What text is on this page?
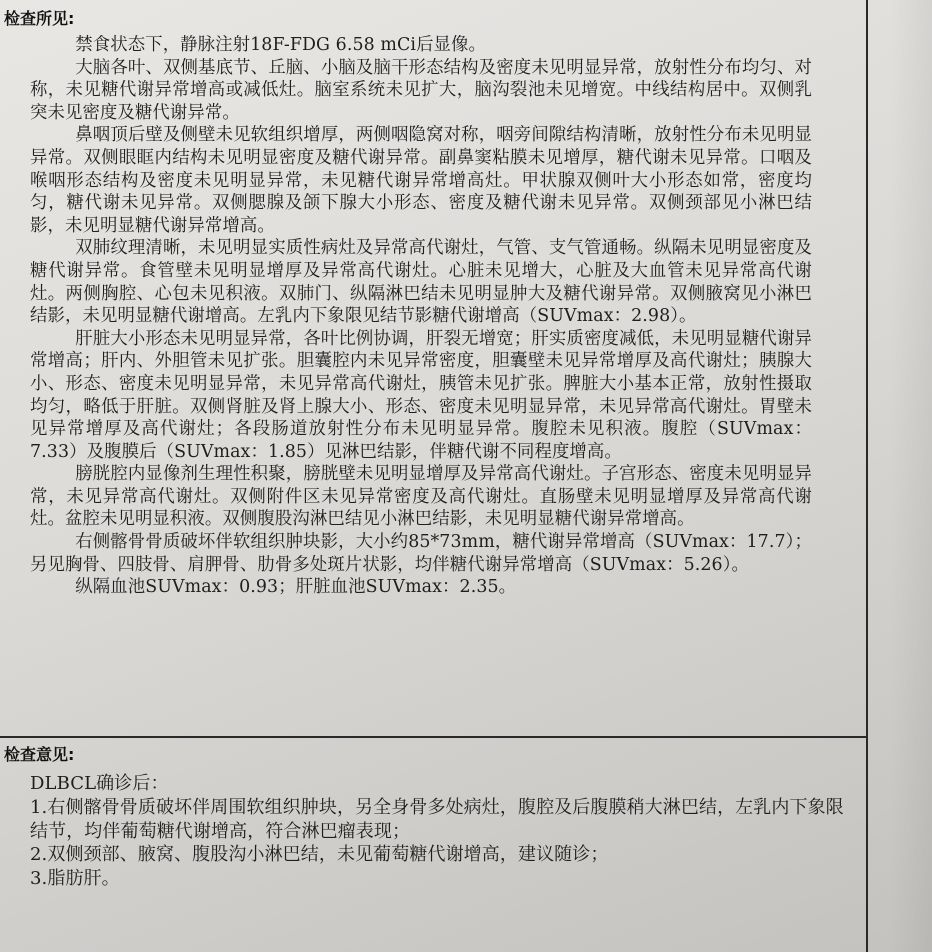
检查所见:

禁食状态下，静脉注射18F-FDG 6.58 mCi后显像。

大脑各叶、双侧基底节、丘脑、小脑及脑干形态结构及密度未见明显异常，放射性分布均匀、对称，未见糖代谢异常增高或减低灶。脑室系统未见扩大，脑沟裂池未见增宽。中线结构居中。双侧乳突未见密度及糖代谢异常。

鼻咽顶后壁及侧壁未见软组织增厚，两侧咽隐窝对称，咽旁间隙结构清晰，放射性分布未见明显异常。双侧眼眶内结构未见明显密度及糖代谢异常。副鼻窦粘膜未见增厚，糖代谢未见异常。口咽及喉咽形态结构及密度未见明显异常，未见糖代谢异常增高灶。甲状腺双侧叶大小形态如常，密度均匀，糖代谢未见异常。双侧腮腺及颌下腺大小形态、密度及糖代谢未见异常。双侧颈部见小淋巴结影，未见明显糖代谢异常增高。

双肺纹理清晰，未见明显实质性病灶及异常高代谢灶，气管、支气管通畅。纵隔未见明显密度及糖代谢异常。食管壁未见明显增厚及异常高代谢灶。心脏未见增大，心脏及大血管未见异常高代谢灶。两侧胸腔、心包未见积液。双肺门、纵隔淋巴结未见明显肿大及糖代谢异常。双侧腋窝见小淋巴结影，未见明显糖代谢增高。左乳内下象限见结节影糖代谢增高（SUVmax：2.98）。

肝脏大小形态未见明显异常，各叶比例协调，肝裂无增宽；肝实质密度减低，未见明显糖代谢异常增高；肝内、外胆管未见扩张。胆囊腔内未见异常密度，胆囊壁未见异常增厚及高代谢灶；胰腺大小、形态、密度未见明显异常，未见异常高代谢灶，胰管未见扩张。脾脏大小基本正常，放射性摄取均匀，略低于肝脏。双侧肾脏及肾上腺大小、形态、密度未见明显异常，未见异常高代谢灶。胃壁未见异常增厚及高代谢灶；各段肠道放射性分布未见明显异常。腹腔未见积液。腹腔（SUVmax：7.33）及腹膜后（SUVmax：1.85）见淋巴结影，伴糖代谢不同程度增高。

膀胱腔内显像剂生理性积聚，膀胱壁未见明显增厚及异常高代谢灶。子宫形态、密度未见明显异常，未见异常高代谢灶。双侧附件区未见异常密度及高代谢灶。直肠壁未见明显增厚及异常高代谢灶。盆腔未见明显积液。双侧腹股沟淋巴结见小淋巴结影，未见明显糖代谢异常增高。

右侧髂骨骨质破坏伴软组织肿块影，大小约85*73mm，糖代谢异常增高（SUVmax：17.7）；另见胸骨、四肢骨、肩胛骨、肋骨多处斑片状影，均伴糖代谢异常增高（SUVmax：5.26）。

纵隔血池SUVmax：0.93；肝脏血池SUVmax：2.35。

检查意见:

DLBCL确诊后：

1.右侧髂骨骨质破坏伴周围软组织肿块，另全身骨多处病灶，腹腔及后腹膜稍大淋巴结，左乳内下象限结节，均伴葡萄糖代谢增高，符合淋巴瘤表现；

2.双侧颈部、腋窝、腹股沟小淋巴结，未见葡萄糖代谢增高，建议随诊；

3.脂肪肝。
